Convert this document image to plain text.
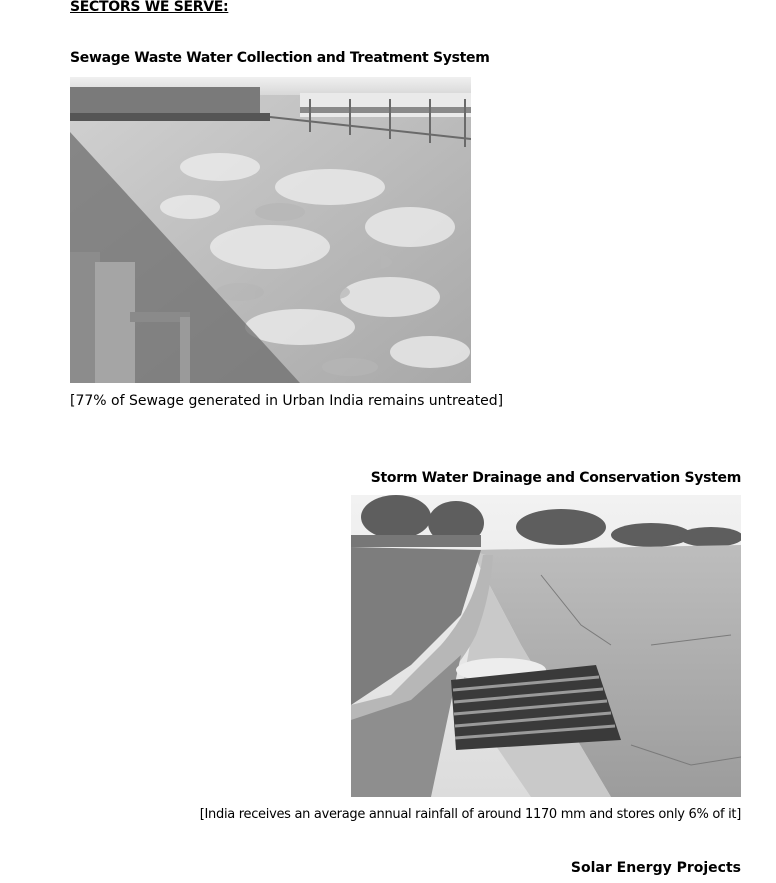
SECTORS WE SERVE:
Sewage Waste Water Collection and Treatment System
[77% of Sewage generated in Urban India remains untreated]
Storm Water Drainage and Conservation System
[India receives an average annual rainfall of around 1170 mm and stores only 6% of it]
Solar Energy Projects
